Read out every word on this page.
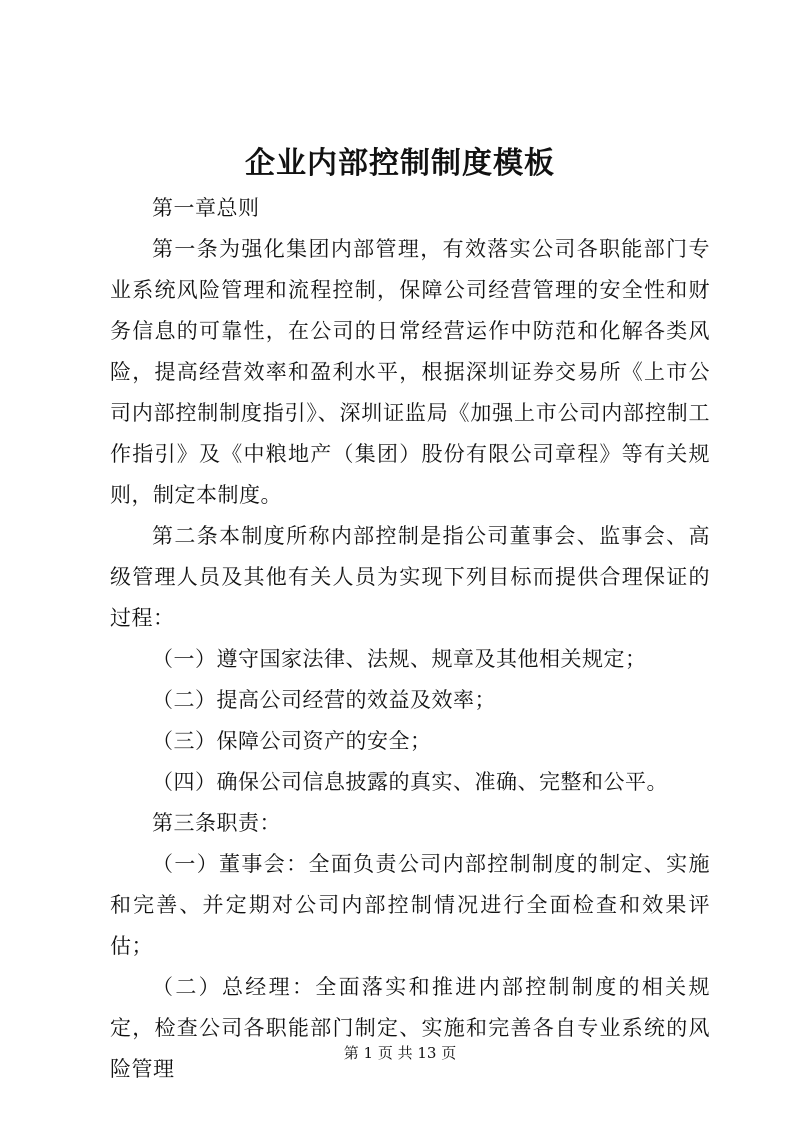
企业内部控制制度模板

第一章总则

第一条为强化集团内部管理，有效落实公司各职能部门专业系统风险管理和流程控制，保障公司经营管理的安全性和财务信息的可靠性，在公司的日常经营运作中防范和化解各类风险，提高经营效率和盈利水平，根据深圳证券交易所《上市公司内部控制制度指引》、深圳证监局《加强上市公司内部控制工作指引》及《中粮地产（集团）股份有限公司章程》等有关规则，制定本制度。

第二条本制度所称内部控制是指公司董事会、监事会、高级管理人员及其他有关人员为实现下列目标而提供合理保证的过程：

（一）遵守国家法律、法规、规章及其他相关规定；

（二）提高公司经营的效益及效率；

（三）保障公司资产的安全；

（四）确保公司信息披露的真实、准确、完整和公平。

第三条职责：

（一）董事会：全面负责公司内部控制制度的制定、实施和完善、并定期对公司内部控制情况进行全面检查和效果评估；

（二）总经理：全面落实和推进内部控制制度的相关规定，检查公司各职能部门制定、实施和完善各自专业系统的风险管理

第 1 页 共 13 页
